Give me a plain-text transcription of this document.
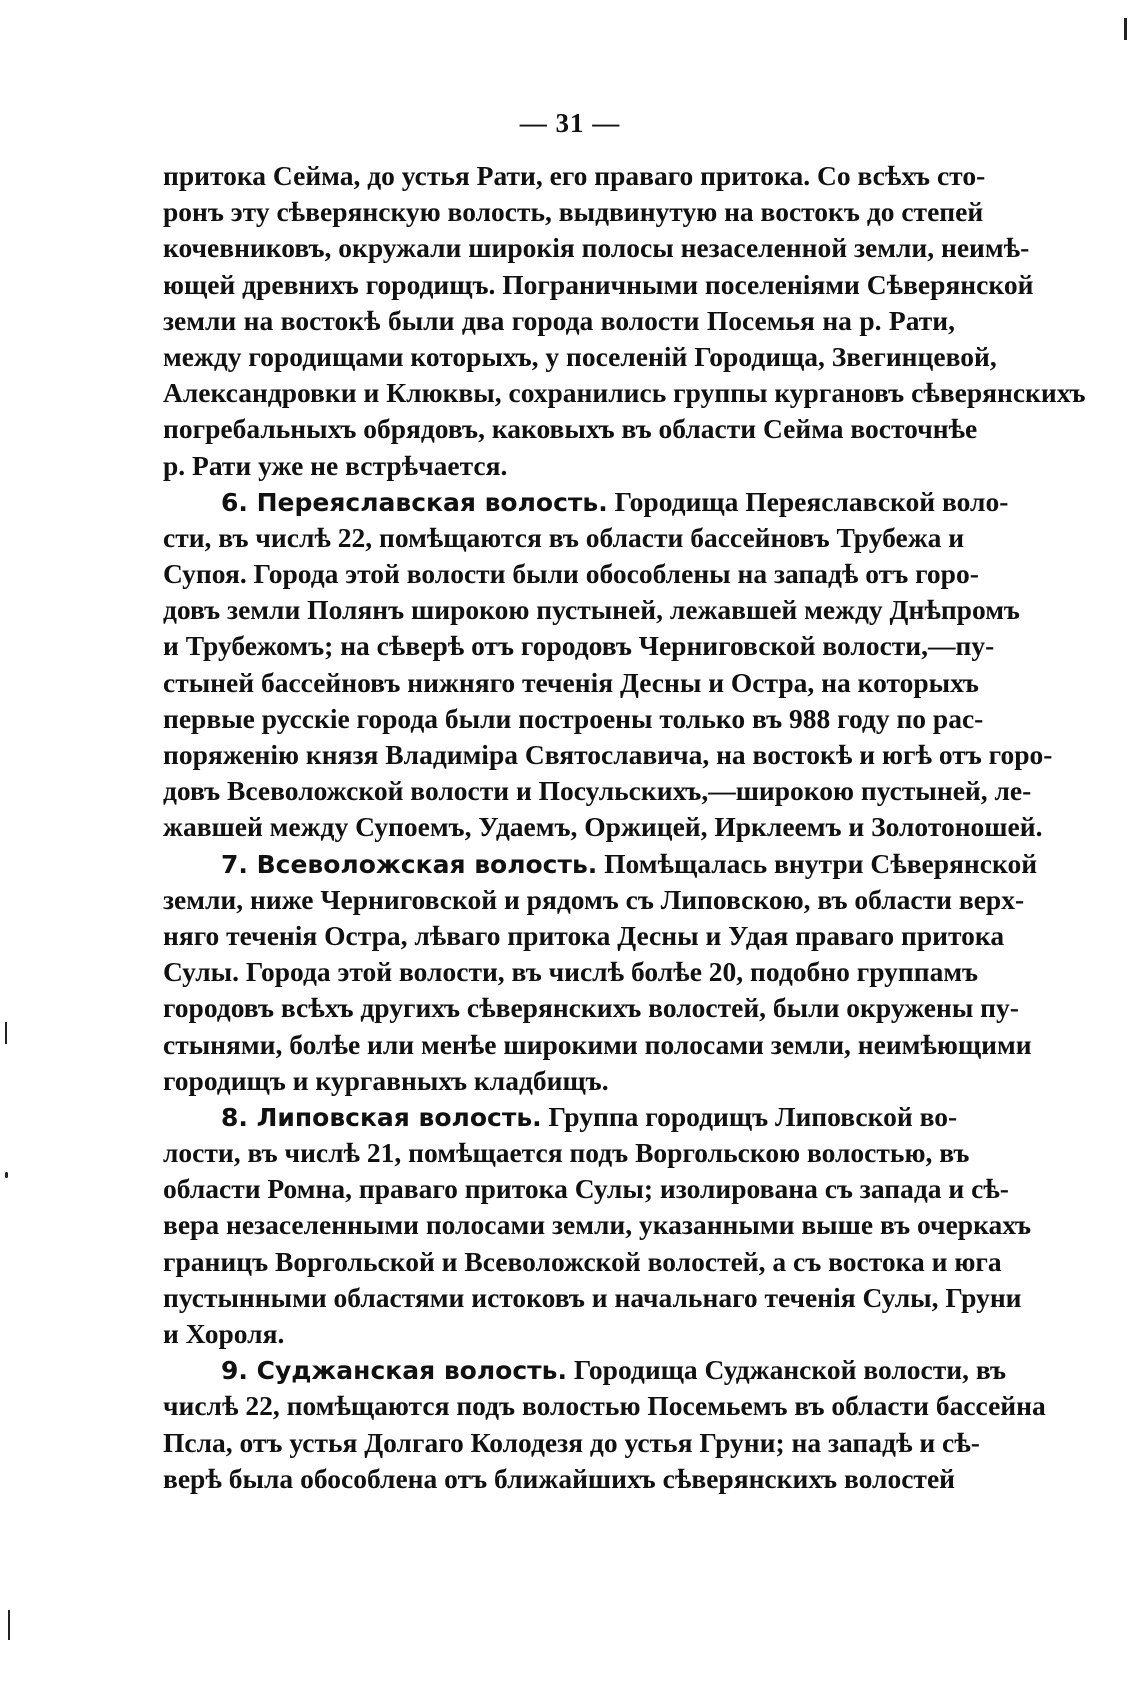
— 31 —
притока Сейма, до устья Рати, его праваго притока. Со всѣхъ сто-
ронъ эту сѣверянскую волость, выдвинутую на востокъ до степей
кочевниковъ, окружали широкія полосы незаселенной земли, неимѣ-
ющей древнихъ городищъ. Пограничными поселеніями Сѣверянской
земли на востокѣ были два города волости Посемья на р. Рати,
между городищами которыхъ, у поселеній Городища, Звегинцевой,
Александровки и Клюквы, сохранились группы кургановъ сѣверянскихъ
погребальныхъ обрядовъ, каковыхъ въ области Сейма восточнѣе
р. Рати уже не встрѣчается.
6. Переяславская волость. Городища Переяславской воло-
сти, въ числѣ 22, помѣщаются въ области бассейновъ Трубежа и
Супоя. Города этой волости были обособлены на западѣ отъ горо-
довъ земли Полянъ широкою пустыней, лежавшей между Днѣпромъ
и Трубежомъ; на сѣверѣ отъ городовъ Черниговской волости,—пу-
стыней бассейновъ нижняго теченія Десны и Остра, на которыхъ
первые русскіе города были построены только въ 988 году по рас-
поряженію князя Владиміра Святославича, на востокѣ и югѣ отъ горо-
довъ Всеволожской волости и Посульскихъ,—широкою пустыней, ле-
жавшей между Супоемъ, Удаемъ, Оржицей, Ирклеемъ и Золотоношей.
7. Всеволожская волость. Помѣщалась внутри Сѣверянской
земли, ниже Черниговской и рядомъ съ Липовскою, въ области верх-
няго теченія Остра, лѣваго притока Десны и Удая праваго притока
Сулы. Города этой волости, въ числѣ болѣе 20, подобно группамъ
городовъ всѣхъ другихъ сѣверянскихъ волостей, были окружены пу-
стынями, болѣе или менѣе широкими полосами земли, неимѣющими
городищъ и кургавныхъ кладбищъ.
8. Липовская волость. Группа городищъ Липовской во-
лости, въ числѣ 21, помѣщается подъ Воргольскою волостью, въ
области Ромна, праваго притока Сулы; изолирована съ запада и сѣ-
вера незаселенными полосами земли, указанными выше въ очеркахъ
границъ Воргольской и Всеволожской волостей, а съ востока и юга
пустынными областями истоковъ и начальнаго теченія Сулы, Груни
и Хороля.
9. Суджанская волость. Городища Суджанской волости, въ
числѣ 22, помѣщаются подъ волостью Посемьемъ въ области бассейна
Псла, отъ устья Долгаго Колодезя до устья Груни; на западѣ и сѣ-
верѣ была обособлена отъ ближайшихъ сѣверянскихъ волостей
